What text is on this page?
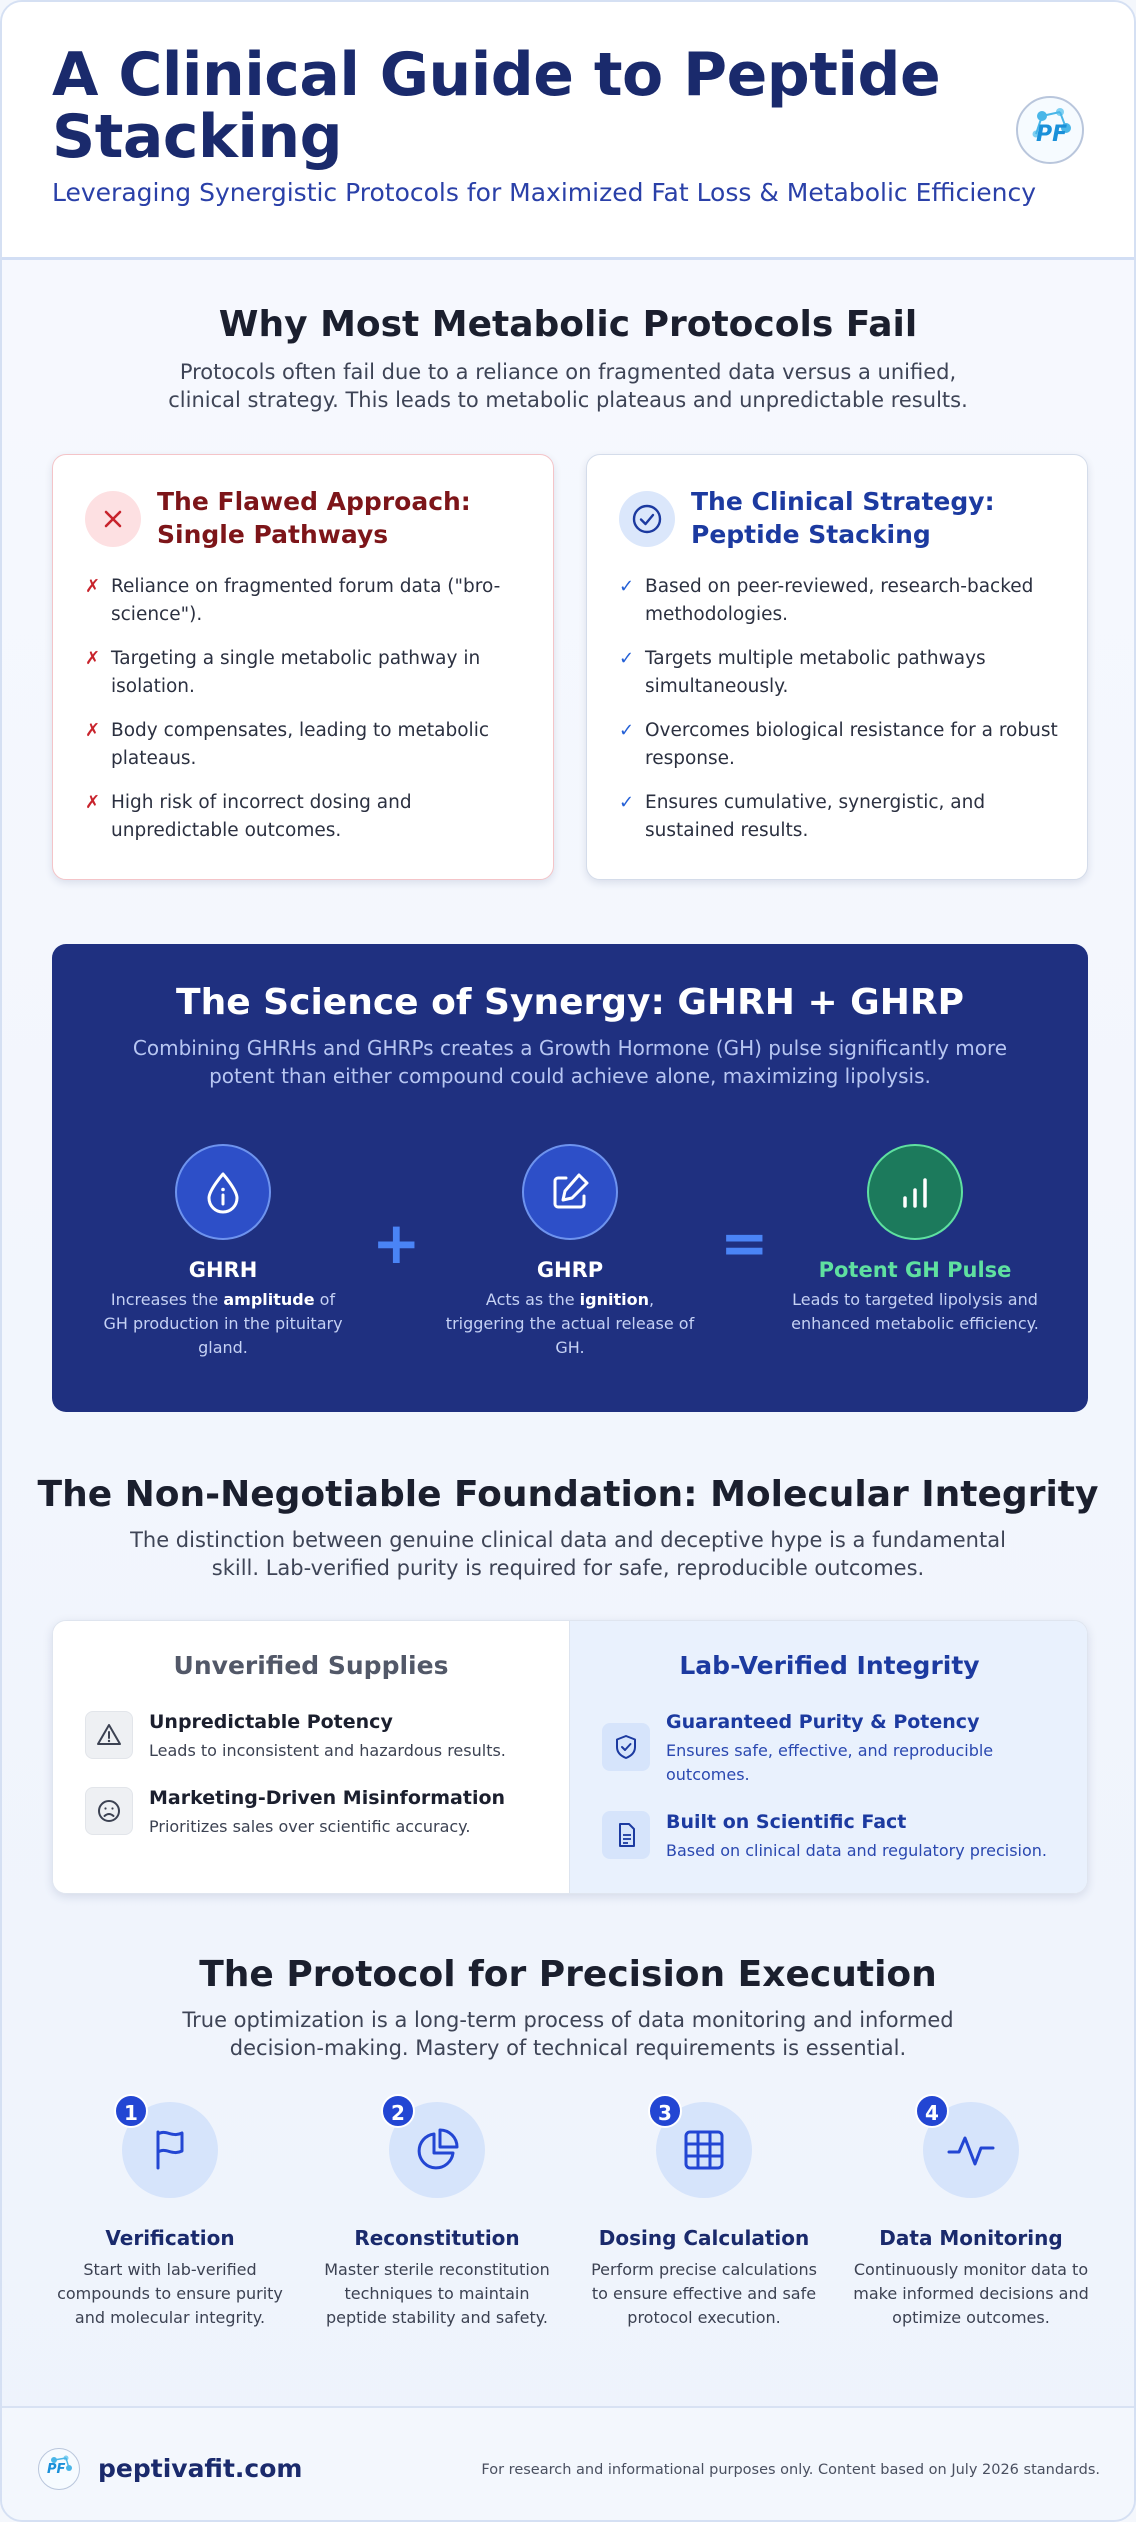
A Clinical Guide to Peptide Stacking
Leveraging Synergistic Protocols for Maximized Fat Loss & Metabolic Efficiency
PF
Why Most Metabolic Protocols Fail
Protocols often fail due to a reliance on fragmented data versus a unified, clinical strategy. This leads to metabolic plateaus and unpredictable results.
The Flawed Approach: Single Pathways
✗ Reliance on fragmented forum data ("bro-science").
✗ Targeting a single metabolic pathway in isolation.
✗ Body compensates, leading to metabolic plateaus.
✗ High risk of incorrect dosing and unpredictable outcomes.
The Clinical Strategy: Peptide Stacking
✓ Based on peer-reviewed, research-backed methodologies.
✓ Targets multiple metabolic pathways simultaneously.
✓ Overcomes biological resistance for a robust response.
✓ Ensures cumulative, synergistic, and sustained results.
The Science of Synergy: GHRH + GHRP
Combining GHRHs and GHRPs creates a Growth Hormone (GH) pulse significantly more potent than either compound could achieve alone, maximizing lipolysis.
GHRH
Increases the amplitude of GH production in the pituitary gland.
+	GHRP
Acts as the ignition, triggering the actual release of GH.
=	Potent GH Pulse
Leads to targeted lipolysis and enhanced metabolic efficiency.
The Non-Negotiable Foundation: Molecular Integrity
The distinction between genuine clinical data and deceptive hype is a fundamental skill. Lab-verified purity is required for safe, reproducible outcomes.
Unverified Supplies
Unpredictable Potency
Leads to inconsistent and hazardous results.
Marketing-Driven Misinformation
Prioritizes sales over scientific accuracy.
Lab-Verified Integrity
Guaranteed Purity & Potency
Ensures safe, effective, and reproducible outcomes.
Built on Scientific Fact
Based on clinical data and regulatory precision.
The Protocol for Precision Execution
True optimization is a long-term process of data monitoring and informed decision-making. Mastery of technical requirements is essential.
1
Verification
Start with lab-verified compounds to ensure purity and molecular integrity.
2
Reconstitution
Master sterile reconstitution techniques to maintain peptide stability and safety.
3
Dosing Calculation
Perform precise calculations to ensure effective and safe protocol execution.
4
Data Monitoring
Continuously monitor data to make informed decisions and optimize outcomes.
PF peptivafit.com	For research and informational purposes only. Content based on July 2026 standards.
